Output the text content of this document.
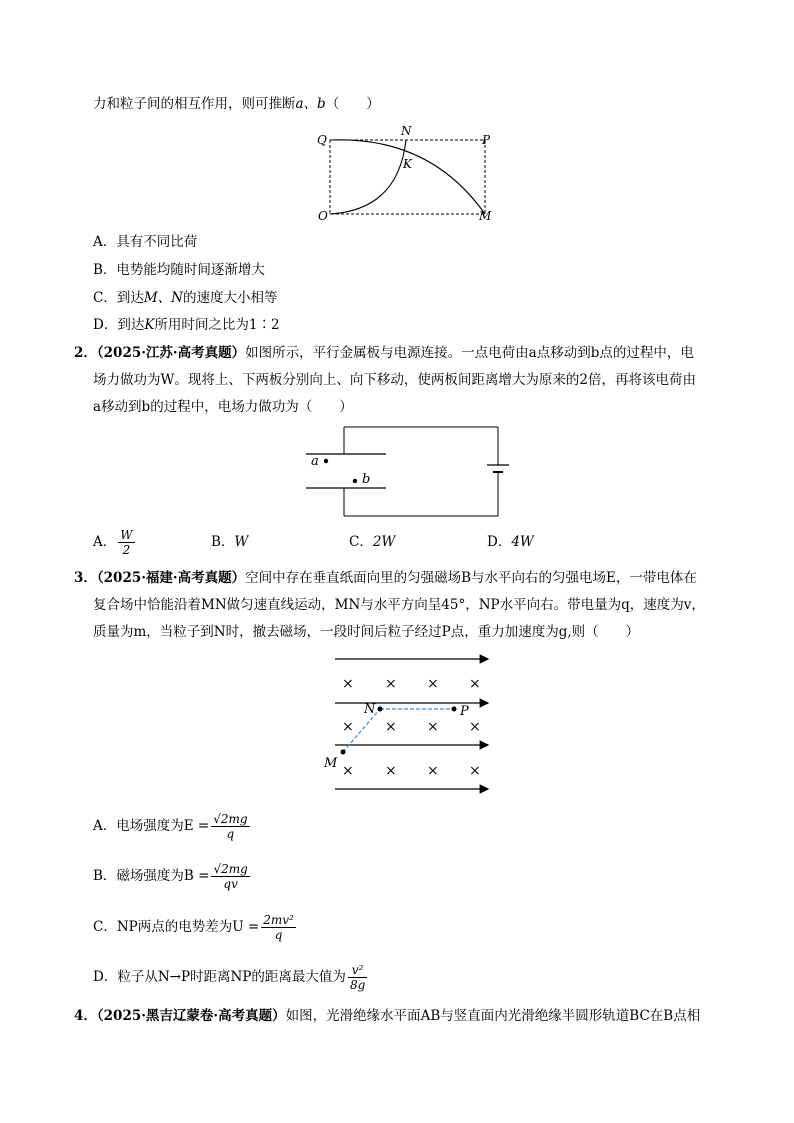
力和粒子间的相互作用，则可推断a、b（　　）
Q
N
P
K
O	M
A．具有不同比荷
B．电势能均随时间逐渐增大
C．到达M、N的速度大小相等
D．到达K所用时间之比为1∶2
2．（2025·江苏·高考真题）如图所示，平行金属板与电源连接。一点电荷由a点移动到b点的过程中，电
场力做功为W。现将上、下两板分别向上、向下移动，使两板间距离增大为原来的2倍，再将该电荷由
a移动到b的过程中，电场力做功为（　　）
a
b
A． $\frac{W}{2}$	B．W	C．2W	D．4W
3．（2025·福建·高考真题）空间中存在垂直纸面向里的匀强磁场B与水平向右的匀强电场E，一带电体在
复合场中恰能沿着MN做匀速直线运动，MN与水平方向呈45°，NP水平向右。带电量为q，速度为v，
质量为m，当粒子到N时，撤去磁场，一段时间后粒子经过P点，重力加速度为g,则（　　）
× × × ×
× × × ×
× × × ×
N	P
M
A．电场强度为$E = \frac{√2mg}{q}$
B．磁场强度为$B = \frac{√2mg}{qv}$
C．NP两点的电势差为$U = \frac{\text{2mv²}}{q}$
D．粒子从N→P时距离NP的距离最大值为 $\frac{\text{v²}}{8g}$
4．（2025·黑吉辽蒙卷·高考真题）如图，光滑绝缘水平面AB与竖直面内光滑绝缘半圆形轨道BC在B点相
